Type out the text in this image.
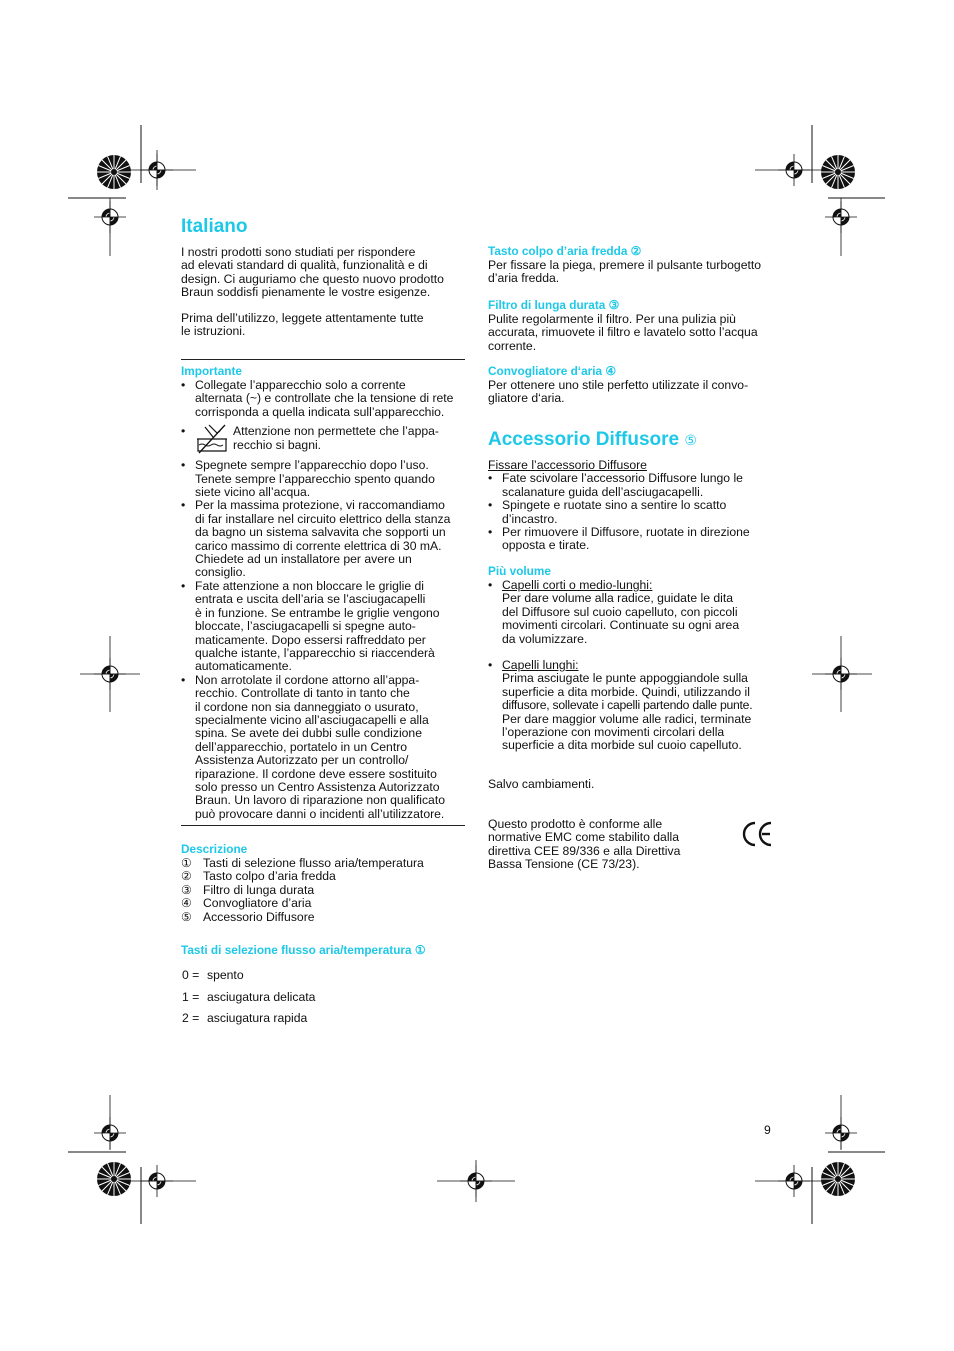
Italiano
I nostri prodotti sono studiati per rispondere
ad elevati standard di qualità, funzionalità e di
design. Ci auguriamo che questo nuovo prodotto
Braun soddisfi pienamente le vostre esigenze.
Prima dell’utilizzo, leggete attentamente tutte
le istruzioni.
Importante
• Collegate l’apparecchio solo a corrente
alternata (~) e controllate che la tensione di rete
corrisponda a quella indicata sull’apparecchio.
• Attenzione non permettete che l’appa-
recchio si bagni.
• Spegnete sempre l’apparecchio dopo l’uso.
Tenete sempre l’apparecchio spento quando
siete vicino all’acqua.
• Per la massima protezione, vi raccomandiamo
di far installare nel circuito elettrico della stanza
da bagno un sistema salvavita che sopporti un
carico massimo di corrente elettrica di 30 mA.
Chiedete ad un installatore per avere un
consiglio.
• Fate attenzione a non bloccare le griglie di
entrata e uscita dell’aria se l’asciugacapelli
è in funzione. Se entrambe le griglie vengono
bloccate, l’asciugacapelli si spegne auto-
maticamente. Dopo essersi raffreddato per
qualche istante, l’apparecchio si riaccenderà
automaticamente.
• Non arrotolate il cordone attorno all’appa-
recchio. Controllate di tanto in tanto che
il cordone non sia danneggiato o usurato,
specialmente vicino all’asciugacapelli e alla
spina. Se avete dei dubbi sulle condizione
dell’apparecchio, portatelo in un Centro
Assistenza Autorizzato per un controllo/
riparazione. Il cordone deve essere sostituito
solo presso un Centro Assistenza Autorizzato
Braun. Un lavoro di riparazione non qualificato
può provocare danni o incidenti all’utilizzatore.
Descrizione
① Tasti di selezione flusso aria/temperatura
② Tasto colpo d’aria fredda
③ Filtro di lunga durata
④ Convogliatore d’aria
⑤ Accessorio Diffusore
Tasti di selezione flusso aria/temperatura ①
0 = spento
1 = asciugatura delicata
2 = asciugatura rapida
Tasto colpo d’aria fredda ②
Per fissare la piega, premere il pulsante turbogetto
d’aria fredda.
Filtro di lunga durata ③
Pulite regolarmente il filtro. Per una pulizia più
accurata, rimuovete il filtro e lavatelo sotto l’acqua
corrente.
Convogliatore d‘aria ④
Per ottenere uno stile perfetto utilizzate il convo-
gliatore d‘aria.
Accessorio Diffusore ⑤
Fissare l’accessorio Diffusore
• Fate scivolare l’accessorio Diffusore lungo le
scalanature guida dell’asciugacapelli.
• Spingete e ruotate sino a sentire lo scatto
d’incastro.
• Per rimuovere il Diffusore, ruotate in direzione
opposta e tirate.
Più volume
• Capelli corti o medio-lunghi:
Per dare volume alla radice, guidate le dita
del Diffusore sul cuoio capelluto, con piccoli
movimenti circolari. Continuate su ogni area
da volumizzare.
• Capelli lunghi:
Prima asciugate le punte appoggiandole sulla
superficie a dita morbide. Quindi, utilizzando il
diffusore, sollevate i capelli partendo dalle punte.
Per dare maggior volume alle radici, terminate
l’operazione con movimenti circolari della
superficie a dita morbide sul cuoio capelluto.
Salvo cambiamenti.
Questo prodotto è conforme alle
normative EMC come stabilito dalla
direttiva CEE 89/336 e alla Direttiva
Bassa Tensione (CE 73/23).
9
